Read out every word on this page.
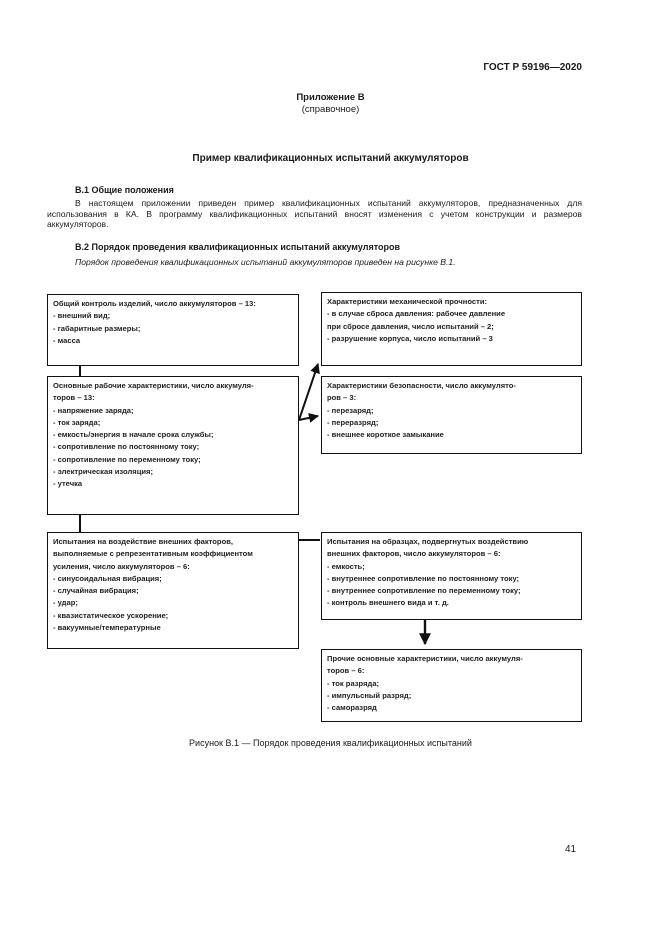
ГОСТ Р 59196—2020
Приложение В
(справочное)
Пример квалификационных испытаний аккумуляторов
В.1 Общие положения
В настоящем приложении приведен пример квалификационных испытаний аккумуляторов, предназначенных для использования в КА. В программу квалификационных испытаний вносят изменения с учетом конструкции и размеров аккумуляторов.
В.2 Порядок проведения квалификационных испытаний аккумуляторов
Порядок проведения квалификационных испытаний аккумуляторов приведен на рисунке В.1.
Общий контроль изделий, число аккумуляторов – 13:
- внешний вид;
- габаритные размеры;
- масса
Основные рабочие характеристики, число аккумуля-
торов – 13:
- напряжение заряда;
- ток заряда;
- емкость/энергия в начале срока службы;
- сопротивление по постоянному току;
- сопротивление по переменному току;
- электрическая изоляция;
- утечка
Характеристики механической прочности:
- в случае сброса давления: рабочее давление
при сбросе давления, число испытаний – 2;
- разрушение корпуса, число испытаний – 3
Характеристики безопасности, число аккумулято-
ров – 3:
- перезаряд;
- переразряд;
- внешнее короткое замыкание
Испытания на воздействие внешних факторов,
выполняемые с репрезентативным коэффициентом
усиления, число аккумуляторов – 6:
- синусоидальная вибрация;
- случайная вибрация;
- удар;
- квазистатическое ускорение;
- вакуумные/температурные
Испытания на образцах, подвергнутых воздействию
внешних факторов, число аккумуляторов – 6:
- емкость;
- внутреннее сопротивление по постоянному току;
- внутреннее сопротивление по переменному току;
- контроль внешнего вида и т. д.
Прочие основные характеристики, число аккумуля-
торов – 6:
- ток разряда;
- импульсный разряд;
- саморазряд
Рисунок В.1 — Порядок проведения квалификационных испытаний
41
